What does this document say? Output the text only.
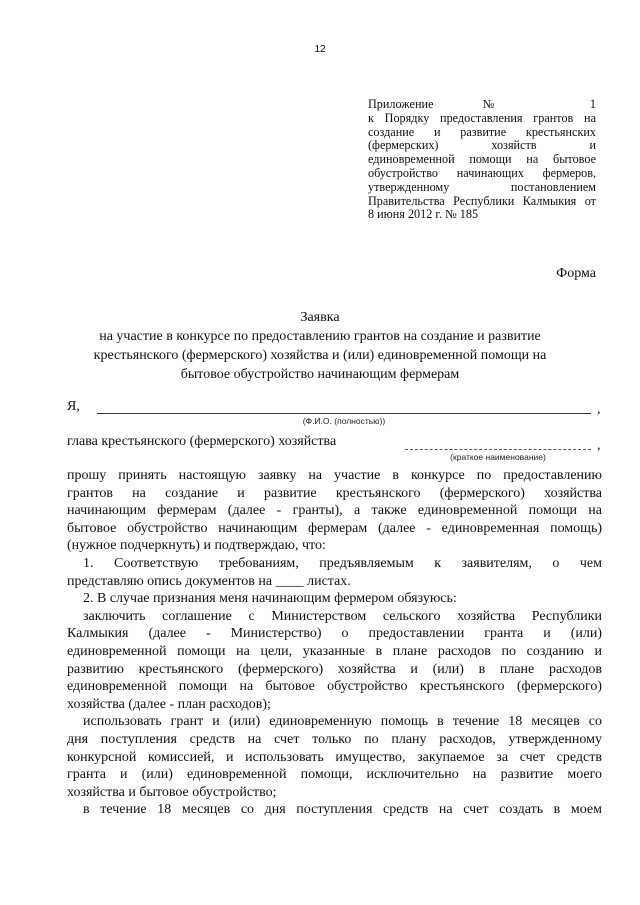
12
Приложение № 1
к Порядку предоставления грантов на
создание и развитие крестьянских
(фермерских) хозяйств и
единовременной помощи на бытовое
обустройство начинающих фермеров,
утвержденному постановлением
Правительства Республики Калмыкия от
8 июня 2012 г. № 185
Форма
Заявка
на участие в конкурсе по предоставлению грантов на создание и развитие
крестьянского (фермерского) хозяйства и (или) единовременной помощи на
бытовое обустройство начинающим фермерам
Я,	,
(Ф.И.О. (полностью))
глава крестьянского (фермерского) хозяйства	,
(краткое наименование)
прошу принять настоящую заявку на участие в конкурсе по предоставлению
грантов на создание и развитие крестьянского (фермерского) хозяйства
начинающим фермерам (далее - гранты), а также единовременной помощи на
бытовое обустройство начинающим фермерам (далее - единовременная помощь)
(нужное подчеркнуть) и подтверждаю, что:
1. Соответствую требованиям, предъявляемым к заявителям, о чем
представляю опись документов на ____ листах.
2. В случае признания меня начинающим фермером обязуюсь:
заключить соглашение с Министерством сельского хозяйства Республики
Калмыкия (далее - Министерство) о предоставлении гранта и (или)
единовременной помощи на цели, указанные в плане расходов по созданию и
развитию крестьянского (фермерского) хозяйства и (или) в плане расходов
единовременной помощи на бытовое обустройство крестьянского (фермерского)
хозяйства (далее - план расходов);
использовать грант и (или) единовременную помощь в течение 18 месяцев со
дня поступления средств на счет только по плану расходов, утвержденному
конкурсной комиссией, и использовать имущество, закупаемое за счет средств
гранта и (или) единовременной помощи, исключительно на развитие моего
хозяйства и бытовое обустройство;
в течение 18 месяцев со дня поступления средств на счет создать в моем
